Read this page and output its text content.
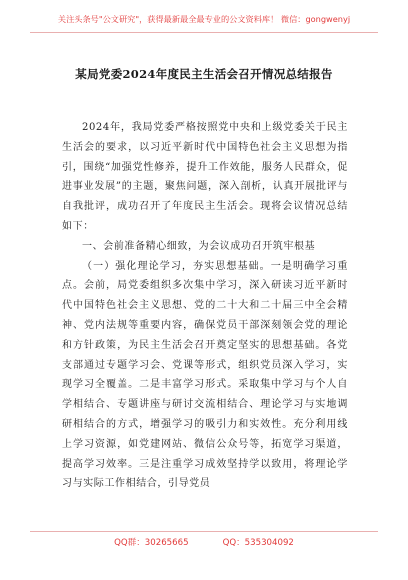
关注头条号"公文研究"，获得最新最全最专业的公文资料库！ 微信：gongwenyj
某局党委2024年度民主生活会召开情况总结报告

2024年，我局党委严格按照党中央和上级党委关于民主生活会的要求，以习近平新时代中国特色社会主义思想为指引，围绕“加强党性修养，提升工作效能，服务人民群众，促进事业发展”的主题，聚焦问题，深入剖析，认真开展批评与自我批评，成功召开了年度民主生活会。现将会议情况总结如下：

一、会前准备精心细致，为会议成功召开筑牢根基

（一）强化理论学习，夯实思想基础。一是明确学习重点。会前，局党委组织多次集中学习，深入研读习近平新时代中国特色社会主义思想、党的二十大和二十届三中全会精神、党内法规等重要内容，确保党员干部深刻领会党的理论和方针政策，为民主生活会召开奠定坚实的思想基础。各党支部通过专题学习会、党课等形式，组织党员深入学习，实现学习全覆盖。二是丰富学习形式。采取集中学习与个人自学相结合、专题讲座与研讨交流相结合、理论学习与实地调研相结合的方式，增强学习的吸引力和实效性。充分利用线上学习资源，如党建网站、微信公众号等，拓宽学习渠道，提高学习效率。三是注重学习成效坚持学以致用，将理论学习与实际工作相结合，引导党员

QQ群：30265665	QQ：535304092
